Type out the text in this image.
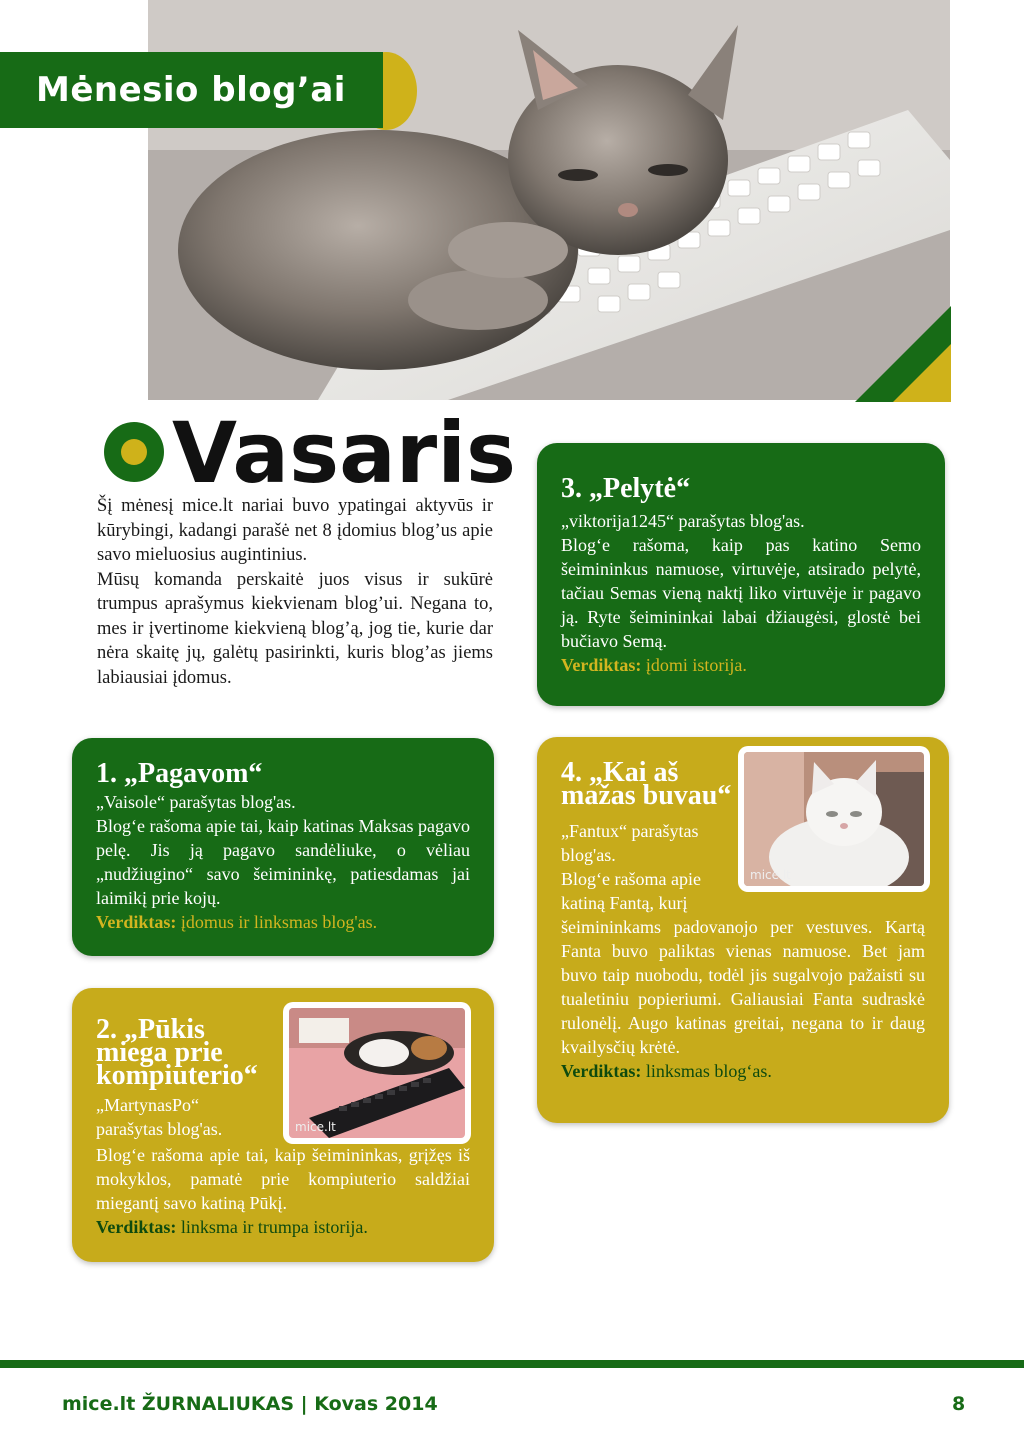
Mėnesio blog’ai
Vasaris

Šį mėnesį mice.lt nariai buvo ypatingai aktyvūs ir kūrybingi, kadangi parašė net 8 įdomius blog’us apie savo mieluosius augintinius.

Mūsų komanda perskaitė juos visus ir sukūrė trumpus aprašymus kiekvienam blog’ui. Negana to, mes ir įvertinome kiekvieną blog’ą, jog tie, kurie dar nėra skaitę jų, galėtų pasirinkti, kuris blog’as jiems labiausiai įdomus.

1. „Pagavom“

„Vaisole“ parašytas blog'as.

Blog‘e rašoma apie tai, kaip katinas Maksas pagavo pelę. Jis ją pagavo sandėliuke, o vėliau „nudžiugino“ savo šeimininkę, patiesdamas jai laimikį prie kojų.

Verdiktas: įdomus ir linksmas blog'as.

2. „Pūkis miega prie kompiuterio“

„MartynasPo“ parašytas blog'as.

Blog‘e rašoma apie tai, kaip šeimininkas, grįžęs iš mokyklos, pamatė prie kompiuterio saldžiai miegantį savo katiną Pūkį.

Verdiktas: linksma ir trumpa istorija.

mice.lt
3. „Pelytė“

„viktorija1245“ parašytas blog'as.

Blog‘e rašoma, kaip pas katino Semo šeimininkus namuose, virtuvėje, atsirado pelytė, tačiau Semas vieną naktį liko virtuvėje ir pagavo ją. Ryte šeimininkai labai džiaugėsi, glostė bei bučiavo Semą.

Verdiktas: įdomi istorija.

4. „Kai aš mažas buvau“

„Fantux“ parašytas blog'as.

Blog‘e rašoma apie katiną Fantą, kurį

šeimininkams padovanojo per vestuves. Kartą Fanta buvo paliktas vienas namuose. Bet jam buvo taip nuobodu, todėl jis sugalvojo pažaisti su tualetiniu popieriumi. Galiausiai Fanta sudraskė rulonėlį. Augo katinas greitai, negana to ir daug kvailysčių krėtė.

Verdiktas: linksmas blog‘as.

mice.lt
mice.lt ŽURNALIUKAS | Kovas 2014	8
